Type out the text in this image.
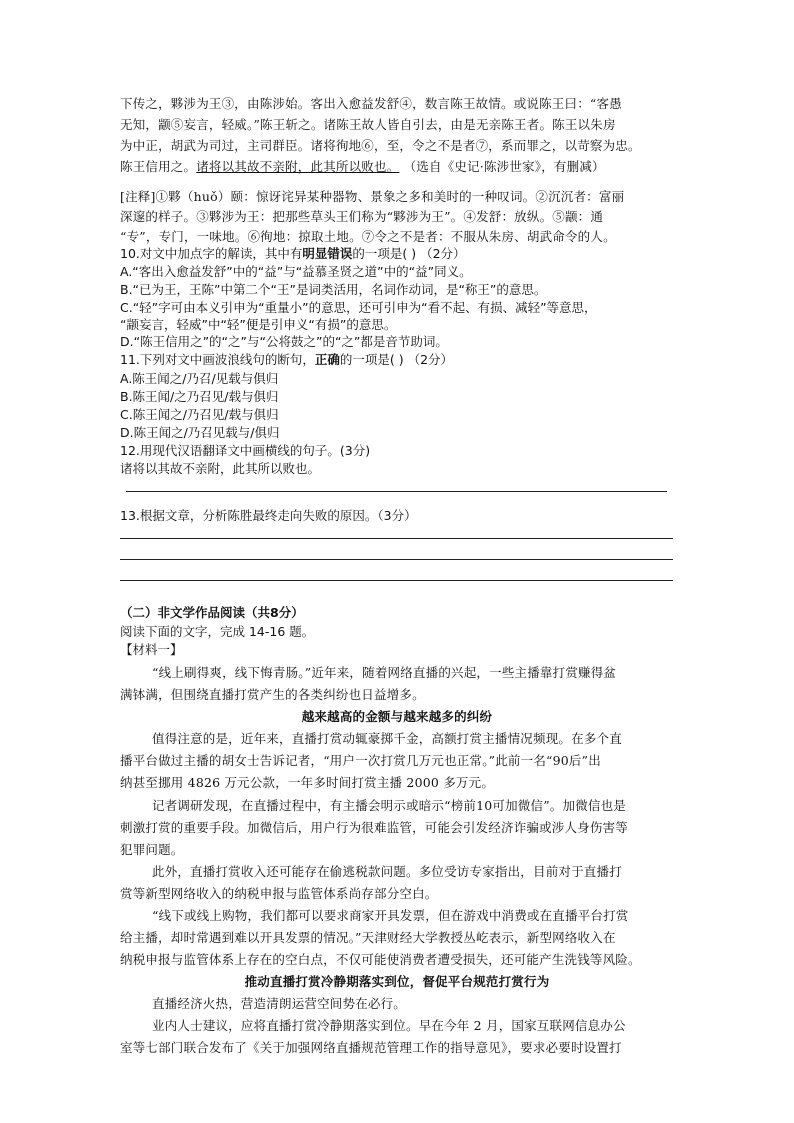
下传之，夥涉为王③，由陈涉始。客出入愈益发舒④，数言陈王故情。或说陈王曰：“客愚
无知，颛⑤妄言，轻威。”陈王斩之。诸陈王故人皆自引去，由是无亲陈王者。陈王以朱房
为中正，胡武为司过，主司群臣。诸将徇地⑥，至，令之不是者⑦，系而罪之，以苛察为忠。
陈王信用之。诸将以其故不亲附，此其所以败也。 （选自《史记·陈涉世家》，有删减）
[注释]①夥（huǒ）颐：惊讶诧异某种器物、景象之多和美时的一种叹词。②沉沉者：富丽
深邃的样子。③夥涉为王：把那些草头王们称为“夥涉为王”。④发舒：放纵。⑤颛：通
“专”，专门，一味地。⑥徇地：掠取土地。⑦令之不是者：不服从朱房、胡武命令的人。
10.对文中加点字的解读，其中有明显错误的一项是( ) （2分）
A.“客出入愈益发舒”中的“益”与“益慕圣贤之道”中的“益”同义。
B.“已为王，王陈”中第二个“王”是词类活用，名词作动词，是“称王”的意思。
C.“轻”字可由本义引申为“重量小”的意思，还可引申为“看不起、有损、减轻”等意思，
“颛妄言，轻威”中“轻”便是引申义“有损”的意思。
D.“陈王信用之”的“之”与“公将鼓之”的“之”都是音节助词。
11.下列对文中画波浪线句的断句，正确的一项是( ) （2分）
A.陈王闻之/乃召/见载与俱归
B.陈王闻/之乃召见/载与俱归
C.陈王闻之/乃召见/载与俱归
D.陈王闻之/乃召见载与/俱归
12.用现代汉语翻译文中画横线的句子。(3分)
诸将以其故不亲附，此其所以败也。
13.根据文章，分析陈胜最终走向失败的原因。（3分）
（二）非文学作品阅读（共8分）
阅读下面的文字，完成 14-16 题。
【材料一】
“线上刷得爽，线下悔青肠。”近年来，随着网络直播的兴起，一些主播靠打赏赚得盆
满钵满，但围绕直播打赏产生的各类纠纷也日益增多。
越来越高的金额与越来越多的纠纷
值得注意的是，近年来，直播打赏动辄豪掷千金，高额打赏主播情况频现。在多个直
播平台做过主播的胡女士告诉记者，“用户一次打赏几万元也正常。”此前一名“90后”出
纳甚至挪用 4826 万元公款，一年多时间打赏主播 2000 多万元。
记者调研发现，在直播过程中，有主播会明示或暗示“榜前10可加微信”。加微信也是
刺激打赏的重要手段。加微信后，用户行为很难监管，可能会引发经济诈骗或涉人身伤害等
犯罪问题。
此外，直播打赏收入还可能存在偷逃税款问题。多位受访专家指出，目前对于直播打
赏等新型网络收入的纳税申报与监管体系尚存部分空白。
“线下或线上购物，我们都可以要求商家开具发票，但在游戏中消费或在直播平台打赏
给主播，却时常遇到难以开具发票的情况。”天津财经大学教授丛屹表示，新型网络收入在
纳税申报与监管体系上存在的空白点，不仅可能使消费者遭受损失，还可能产生洗钱等风险。
推动直播打赏冷静期落实到位，督促平台规范打赏行为
直播经济火热，营造清朗运营空间势在必行。
业内人士建议，应将直播打赏冷静期落实到位。早在今年 2 月，国家互联网信息办公
室等七部门联合发布了《关于加强网络直播规范管理工作的指导意见》，要求必要时设置打
